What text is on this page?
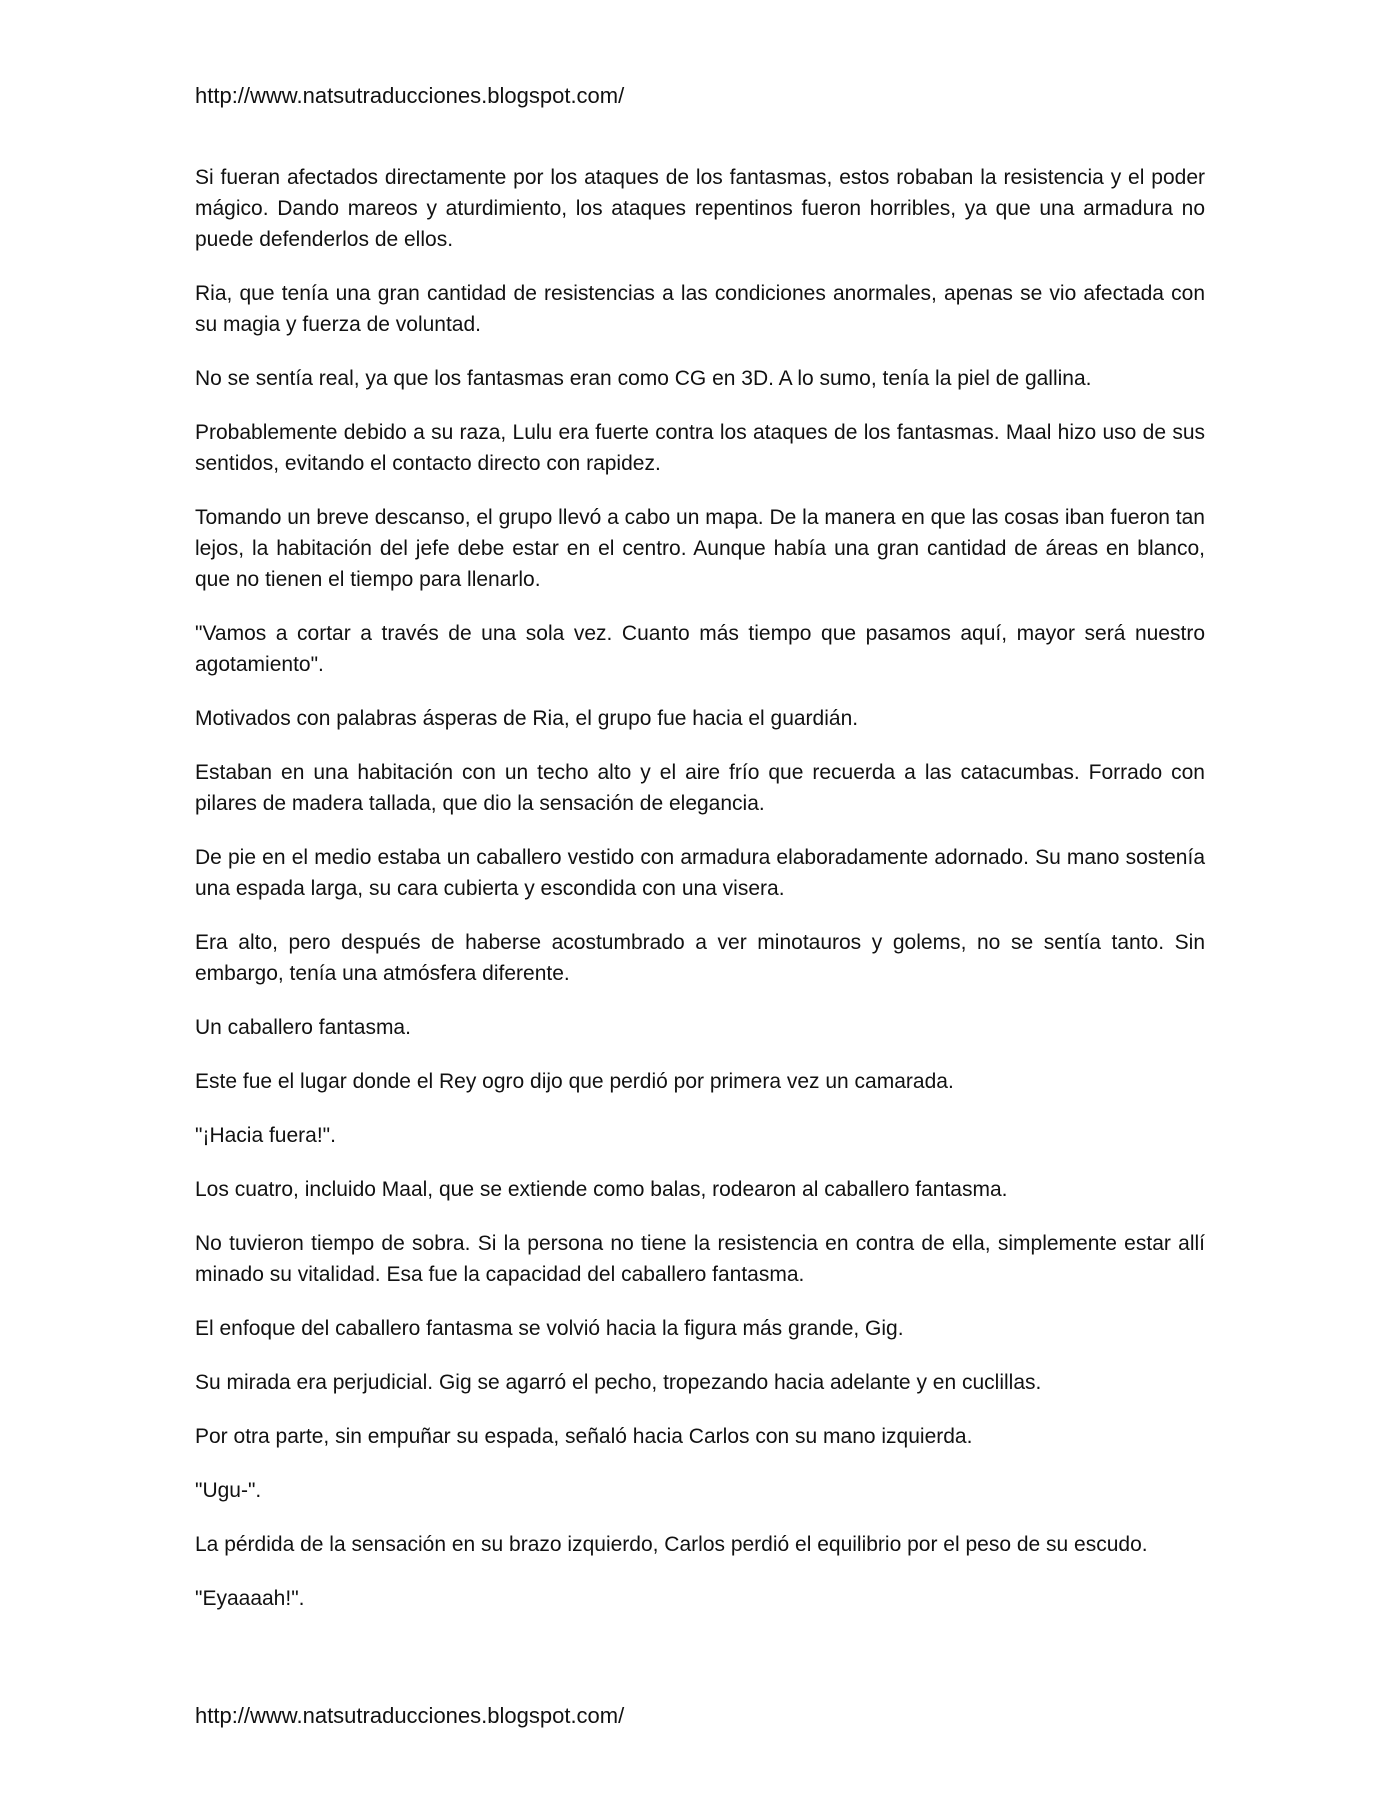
http://www.natsutraducciones.blogspot.com/

Si fueran afectados directamente por los ataques de los fantasmas, estos robaban la resistencia y el poder mágico. Dando mareos y aturdimiento, los ataques repentinos fueron horribles, ya que una armadura no puede defenderlos de ellos.

Ria, que tenía una gran cantidad de resistencias a las condiciones anormales, apenas se vio afectada con su magia y fuerza de voluntad.

No se sentía real, ya que los fantasmas eran como CG en 3D. A lo sumo, tenía la piel de gallina.

Probablemente debido a su raza, Lulu era fuerte contra los ataques de los fantasmas. Maal hizo uso de sus sentidos, evitando el contacto directo con rapidez.

Tomando un breve descanso, el grupo llevó a cabo un mapa. De la manera en que las cosas iban fueron tan lejos, la habitación del jefe debe estar en el centro. Aunque había una gran cantidad de áreas en blanco, que no tienen el tiempo para llenarlo.

"Vamos a cortar a través de una sola vez. Cuanto más tiempo que pasamos aquí, mayor será nuestro agotamiento".

Motivados con palabras ásperas de Ria, el grupo fue hacia el guardián.

Estaban en una habitación con un techo alto y el aire frío que recuerda a las catacumbas. Forrado con pilares de madera tallada, que dio la sensación de elegancia.

De pie en el medio estaba un caballero vestido con armadura elaboradamente adornado. Su mano sostenía una espada larga, su cara cubierta y escondida con una visera.

Era alto, pero después de haberse acostumbrado a ver minotauros y golems, no se sentía tanto. Sin embargo, tenía una atmósfera diferente.

Un caballero fantasma.

Este fue el lugar donde el Rey ogro dijo que perdió por primera vez un camarada.

"¡Hacia fuera!".

Los cuatro, incluido Maal, que se extiende como balas, rodearon al caballero fantasma.

No tuvieron tiempo de sobra. Si la persona no tiene la resistencia en contra de ella, simplemente estar allí minado su vitalidad. Esa fue la capacidad del caballero fantasma.

El enfoque del caballero fantasma se volvió hacia la figura más grande, Gig.

Su mirada era perjudicial. Gig se agarró el pecho, tropezando hacia adelante y en cuclillas.

Por otra parte, sin empuñar su espada, señaló hacia Carlos con su mano izquierda.

"Ugu-".

La pérdida de la sensación en su brazo izquierdo, Carlos perdió el equilibrio por el peso de su escudo.

"Eyaaaah!".

http://www.natsutraducciones.blogspot.com/
